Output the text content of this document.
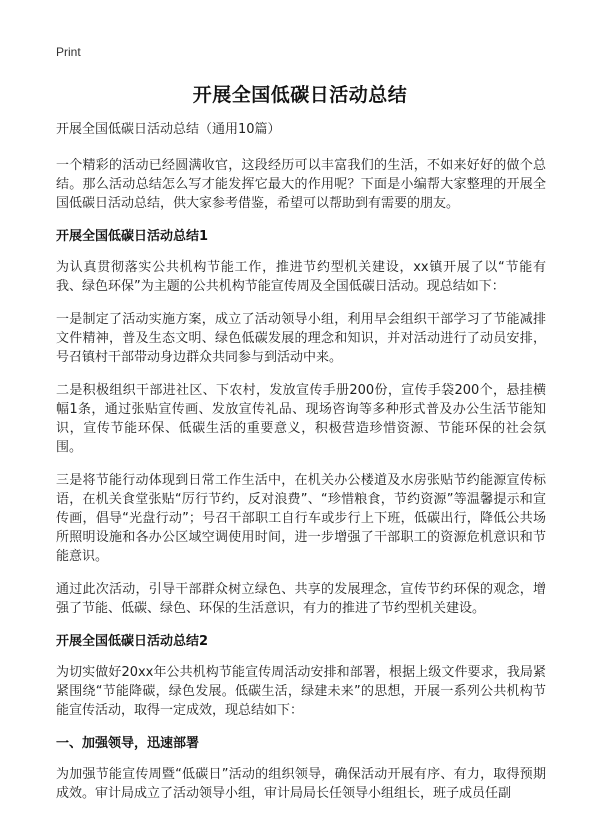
Print
开展全国低碳日活动总结

开展全国低碳日活动总结（通用10篇）

一个精彩的活动已经圆满收官，这段经历可以丰富我们的生活，不如来好好的做个总结。那么活动总结怎么写才能发挥它最大的作用呢？下面是小编帮大家整理的开展全国低碳日活动总结，供大家参考借鉴，希望可以帮助到有需要的朋友。

开展全国低碳日活动总结1

为认真贯彻落实公共机构节能工作，推进节约型机关建设，xx镇开展了以“节能有我、绿色环保”为主题的公共机构节能宣传周及全国低碳日活动。现总结如下：

一是制定了活动实施方案，成立了活动领导小组，利用早会组织干部学习了节能减排文件精神，普及生态文明、绿色低碳发展的理念和知识，并对活动进行了动员安排，号召镇村干部带动身边群众共同参与到活动中来。

二是积极组织干部进社区、下农村，发放宣传手册200份，宣传手袋200个，悬挂横幅1条，通过张贴宣传画、发放宣传礼品、现场咨询等多种形式普及办公生活节能知识，宣传节能环保、低碳生活的重要意义，积极营造珍惜资源、节能环保的社会氛围。

三是将节能行动体现到日常工作生活中，在机关办公楼道及水房张贴节约能源宣传标语，在机关食堂张贴“厉行节约，反对浪费”、“珍惜粮食，节约资源”等温馨提示和宣传画，倡导“光盘行动”；号召干部职工自行车或步行上下班，低碳出行，降低公共场所照明设施和各办公区域空调使用时间，进一步增强了干部职工的资源危机意识和节能意识。

通过此次活动，引导干部群众树立绿色、共享的发展理念，宣传节约环保的观念，增强了节能、低碳、绿色、环保的生活意识，有力的推进了节约型机关建设。

开展全国低碳日活动总结2

为切实做好20xx年公共机构节能宣传周活动安排和部署，根据上级文件要求，我局紧紧围绕“节能降碳，绿色发展。低碳生活，绿建未来”的思想，开展一系列公共机构节能宣传活动，取得一定成效，现总结如下：

一、加强领导，迅速部署

为加强节能宣传周暨“低碳日”活动的组织领导，确保活动开展有序、有力，取得预期成效。审计局成立了活动领导小组，审计局局长任领导小组组长，班子成员任副
